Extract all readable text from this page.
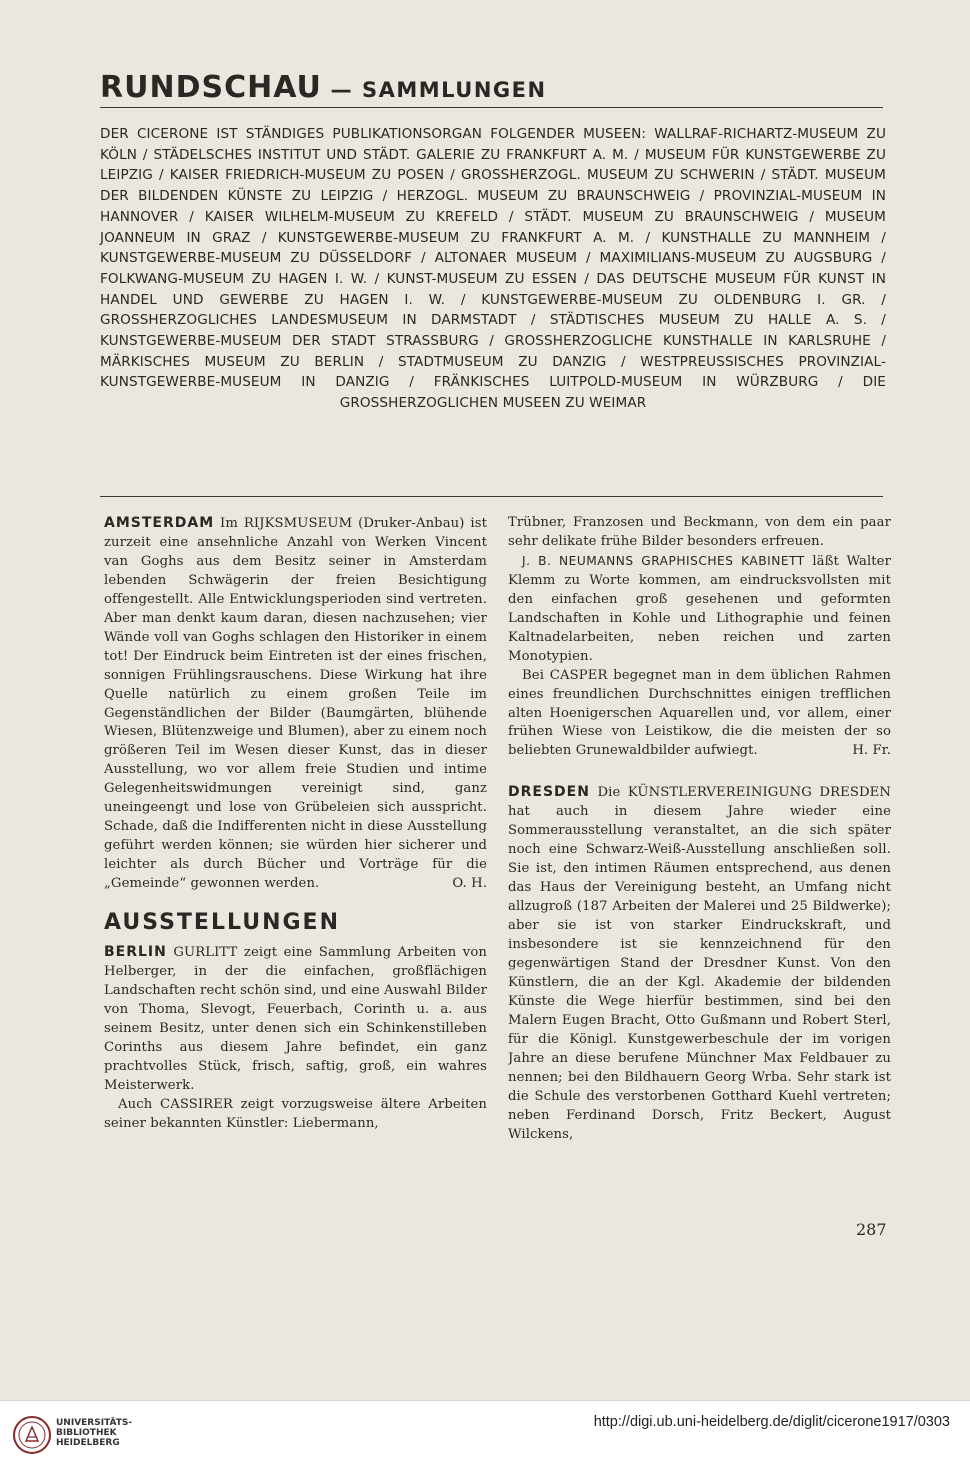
RUNDSCHAU — SAMMLUNGEN
DER CICERONE IST STÄNDIGES PUBLIKATIONSORGAN FOLGENDER MUSEEN: WALLRAF-RICHARTZ-MUSEUM ZU KÖLN / STÄDELSCHES INSTITUT UND STÄDT. GALERIE ZU FRANKFURT A. M. / MUSEUM FÜR KUNSTGEWERBE ZU LEIPZIG / KAISER FRIEDRICH-MUSEUM ZU POSEN / GROSSHERZOGL. MUSEUM ZU SCHWERIN / STÄDT. MUSEUM DER BILDENDEN KÜNSTE ZU LEIPZIG / HERZOGL. MUSEUM ZU BRAUNSCHWEIG / PROVINZIAL-MUSEUM IN HANNOVER / KAISER WILHELM-MUSEUM ZU KREFELD / STÄDT. MUSEUM ZU BRAUNSCHWEIG / MUSEUM JOANNEUM IN GRAZ / KUNSTGEWERBE-MUSEUM ZU FRANKFURT A. M. / KUNSTHALLE ZU MANNHEIM / KUNSTGEWERBE-MUSEUM ZU DÜSSELDORF / ALTONAER MUSEUM / MAXIMILIANS-MUSEUM ZU AUGSBURG / FOLKWANG-MUSEUM ZU HAGEN I. W. / KUNST-MUSEUM ZU ESSEN / DAS DEUTSCHE MUSEUM FÜR KUNST IN HANDEL UND GEWERBE ZU HAGEN I. W. / KUNSTGEWERBE-MUSEUM ZU OLDENBURG I. GR. / GROSSHERZOGLICHES LANDESMUSEUM IN DARMSTADT / STÄDTISCHES MUSEUM ZU HALLE A. S. / KUNSTGEWERBE-MUSEUM DER STADT STRASSBURG / GROSSHERZOGLICHE KUNSTHALLE IN KARLSRUHE / MÄRKISCHES MUSEUM ZU BERLIN / STADTMUSEUM ZU DANZIG / WESTPREUSSISCHES PROVINZIAL-KUNSTGEWERBE-MUSEUM IN DANZIG / FRÄNKISCHES LUITPOLD-MUSEUM IN WÜRZBURG / DIE GROSSHERZOGLICHEN MUSEEN ZU WEIMAR

AMSTERDAM Im RIJKSMUSEUM (Druker-Anbau) ist zurzeit eine ansehnliche Anzahl von Werken Vincent van Goghs aus dem Besitz seiner in Amsterdam lebenden Schwägerin der freien Besichtigung offengestellt. Alle Entwicklungsperioden sind vertreten. Aber man denkt kaum daran, diesen nachzusehen; vier Wände voll van Goghs schlagen den Historiker in einem tot! Der Eindruck beim Eintreten ist der eines frischen, sonnigen Frühlingsrauschens. Diese Wirkung hat ihre Quelle natürlich zu einem großen Teile im Gegenständlichen der Bilder (Baumgärten, blühende Wiesen, Blütenzweige und Blumen), aber zu einem noch größeren Teil im Wesen dieser Kunst, das in dieser Ausstellung, wo vor allem freie Studien und intime Gelegenheitswidmungen vereinigt sind, ganz uneingeengt und lose von Grübeleien sich ausspricht. Schade, daß die Indifferenten nicht in diese Ausstellung geführt werden können; sie würden hier sicherer und leichter als durch Bücher und Vorträge für die „Gemeinde“ gewonnen werden.	O. H.

AUSSTELLUNGEN

BERLIN GURLITT zeigt eine Sammlung Arbeiten von Helberger, in der die einfachen, großflächigen Landschaften recht schön sind, und eine Auswahl Bilder von Thoma, Slevogt, Feuerbach, Corinth u. a. aus seinem Besitz, unter denen sich ein Schinkenstilleben Corinths aus diesem Jahre befindet, ein ganz prachtvolles Stück, frisch, saftig, groß, ein wahres Meisterwerk.

Auch CASSIRER zeigt vorzugsweise ältere Arbeiten seiner bekannten Künstler: Liebermann,

Trübner, Franzosen und Beckmann, von dem ein paar sehr delikate frühe Bilder besonders erfreuen.

J. B. NEUMANNS GRAPHISCHES KABINETT läßt Walter Klemm zu Worte kommen, am eindrucksvollsten mit den einfachen groß gesehenen und geformten Landschaften in Kohle und Lithographie und feinen Kaltnadelarbeiten, neben reichen und zarten Monotypien.

Bei CASPER begegnet man in dem üblichen Rahmen eines freundlichen Durchschnittes einigen trefflichen alten Hoenigerschen Aquarellen und, vor allem, einer frühen Wiese von Leistikow, die die meisten der so beliebten Grunewaldbilder aufwiegt.	H. Fr.

DRESDEN Die KÜNSTLERVEREINIGUNG DRESDEN hat auch in diesem Jahre wieder eine Sommerausstellung veranstaltet, an die sich später noch eine Schwarz-Weiß-Ausstellung anschließen soll. Sie ist, den intimen Räumen entsprechend, aus denen das Haus der Vereinigung besteht, an Umfang nicht allzugroß (187 Arbeiten der Malerei und 25 Bildwerke); aber sie ist von starker Eindruckskraft, und insbesondere ist sie kennzeichnend für den gegenwärtigen Stand der Dresdner Kunst. Von den Künstlern, die an der Kgl. Akademie der bildenden Künste die Wege hierfür bestimmen, sind bei den Malern Eugen Bracht, Otto Gußmann und Robert Sterl, für die Königl. Kunstgewerbeschule der im vorigen Jahre an diese berufene Münchner Max Feldbauer zu nennen; bei den Bildhauern Georg Wrba. Sehr stark ist die Schule des verstorbenen Gotthard Kuehl vertreten; neben Ferdinand Dorsch, Fritz Beckert, August Wilckens,

287
UNIVERSITÄTS-
BIBLIOTHEK
HEIDELBERG
http://digi.ub.uni-heidelberg.de/diglit/cicerone1917/0303
